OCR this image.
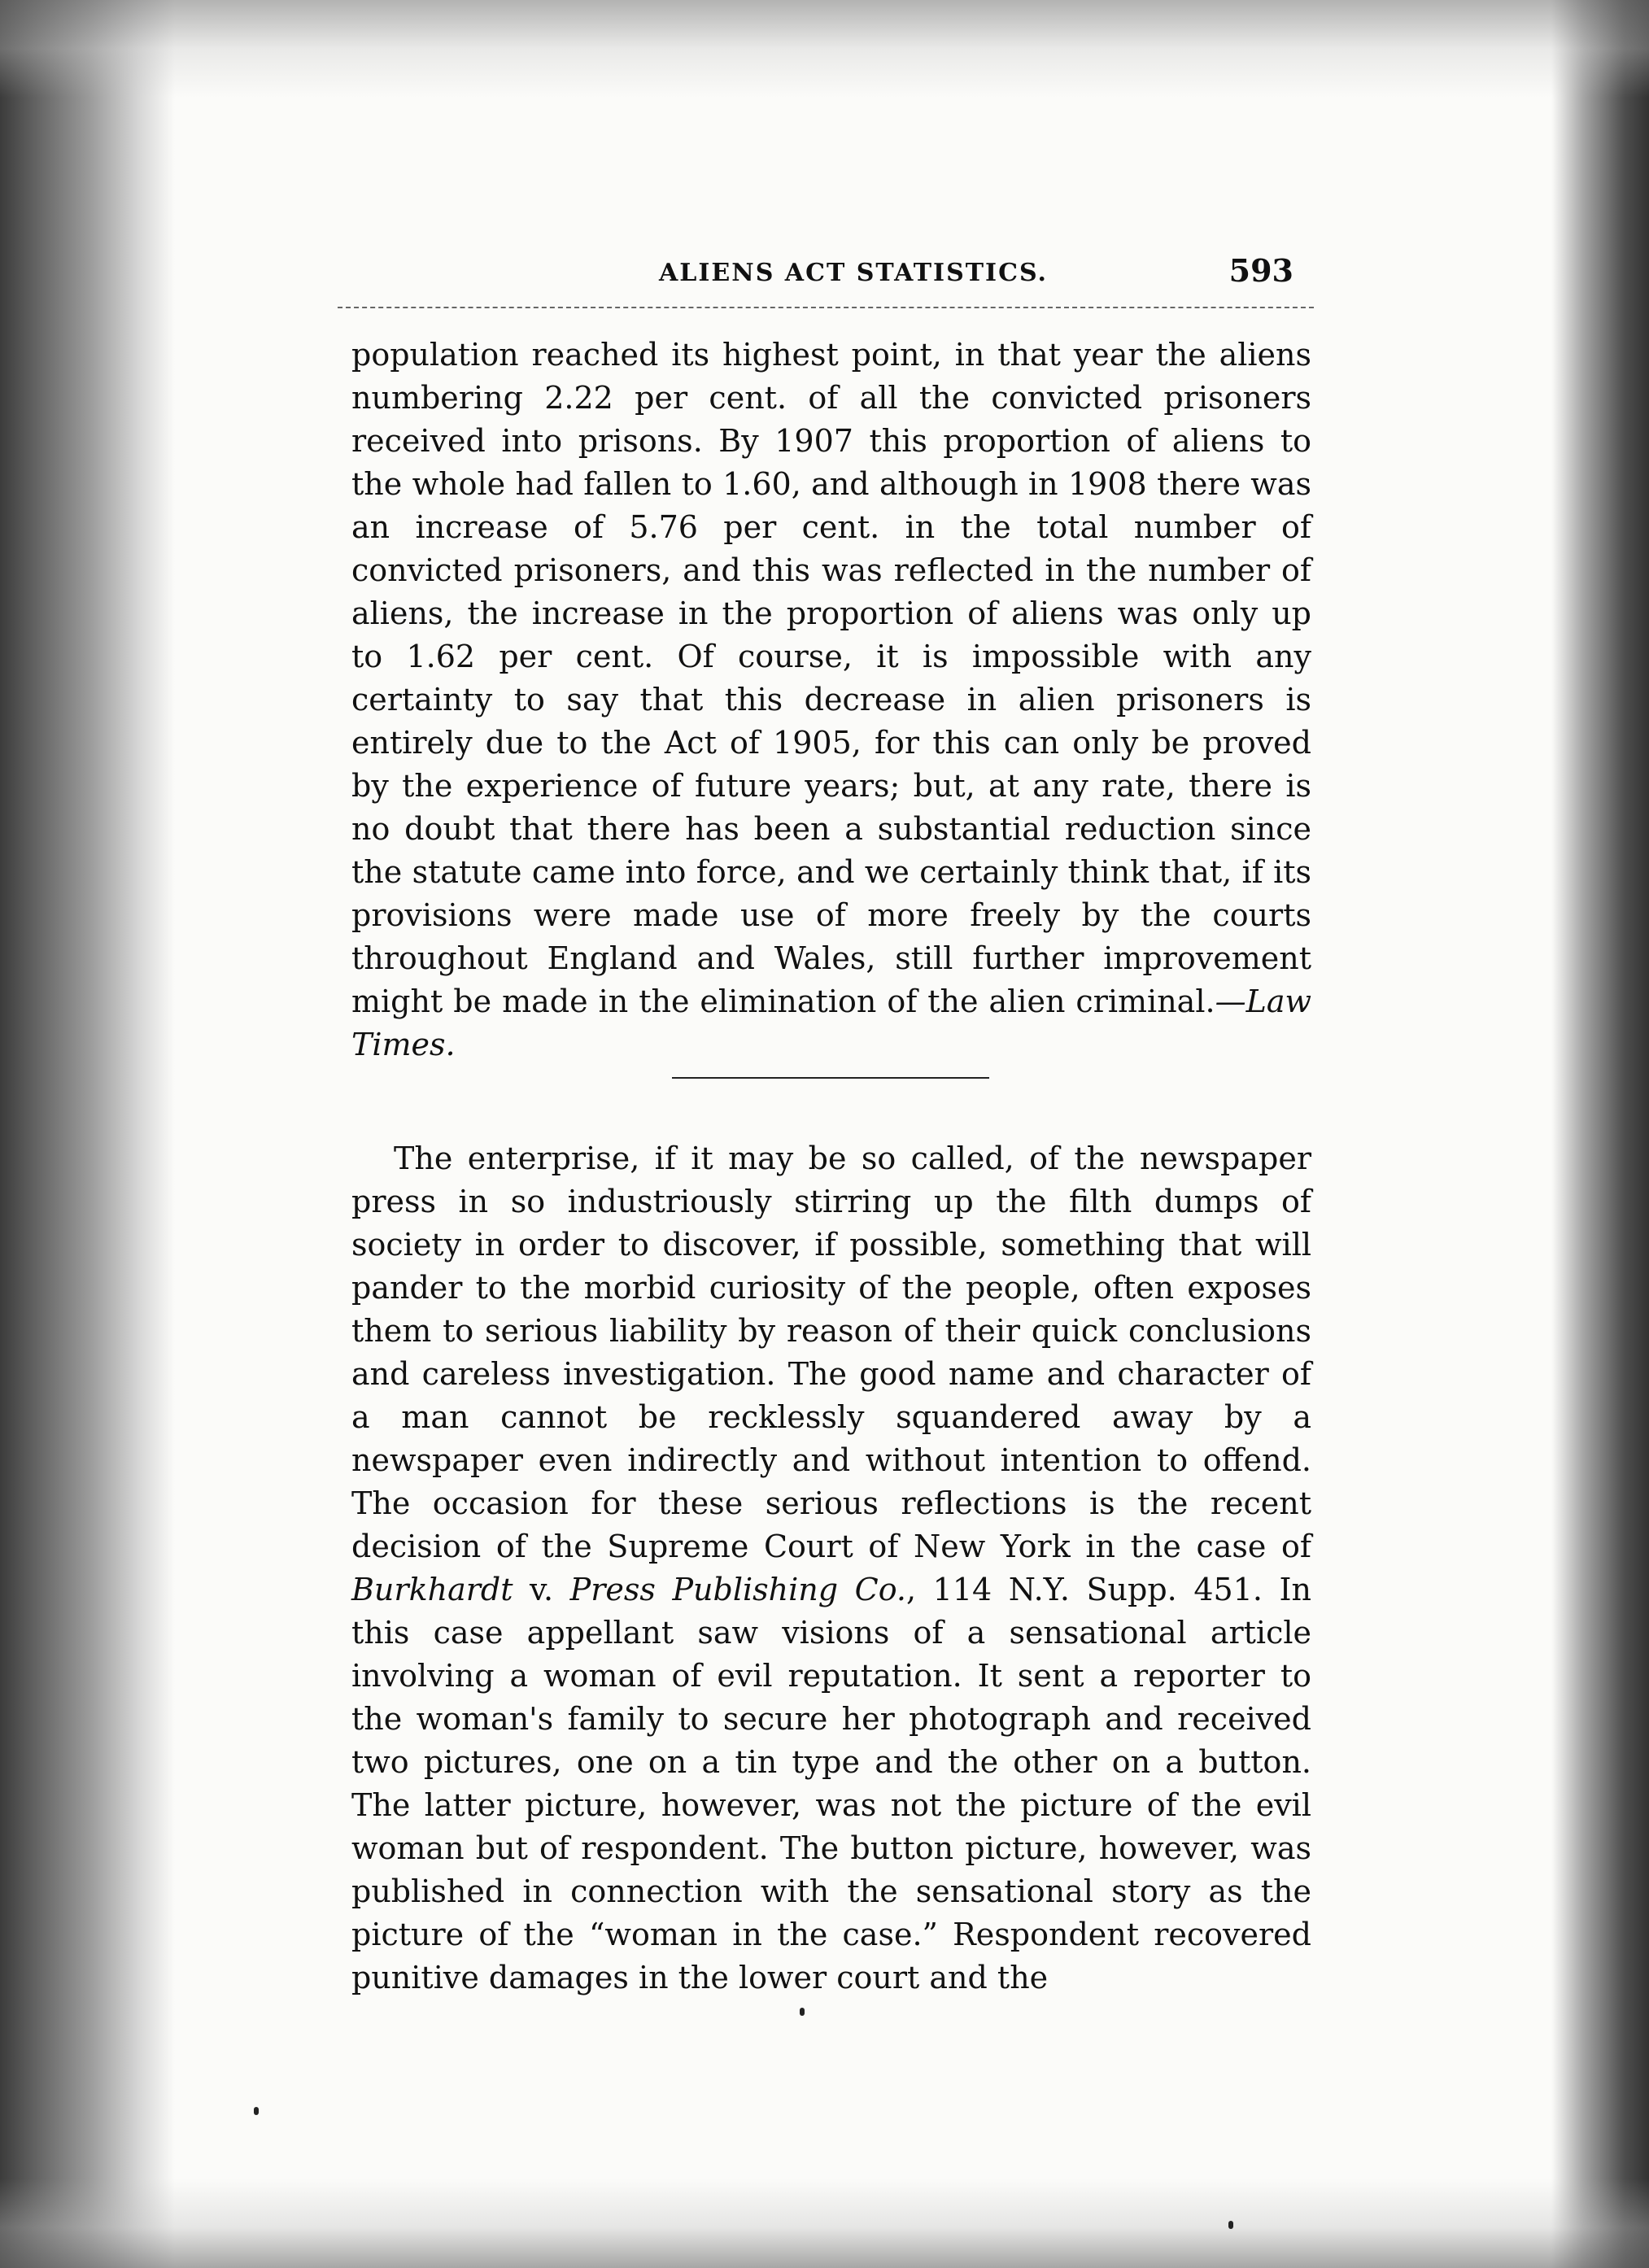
ALIENS ACT STATISTICS.	593

population reached its highest point, in that year the aliens numbering 2.22 per cent. of all the convicted prisoners received into prisons. By 1907 this proportion of aliens to the whole had fallen to 1.60, and although in 1908 there was an increase of 5.76 per cent. in the total number of convicted prisoners, and this was reflected in the number of aliens, the increase in the proportion of aliens was only up to 1.62 per cent. Of course, it is impossible with any certainty to say that this decrease in alien prisoners is entirely due to the Act of 1905, for this can only be proved by the experience of future years; but, at any rate, there is no doubt that there has been a substantial reduction since the statute came into force, and we certainly think that, if its provisions were made use of more freely by the courts throughout England and Wales, still further improvement might be made in the elimination of the alien criminal.—Law Times.

The enterprise, if it may be so called, of the newspaper press in so industriously stirring up the filth dumps of society in order to discover, if possible, something that will pander to the morbid curiosity of the people, often exposes them to serious liability by reason of their quick conclusions and careless investigation. The good name and character of a man cannot be recklessly squandered away by a newspaper even indirectly and without intention to offend. The occasion for these serious reflections is the recent decision of the Supreme Court of New York in the case of Burkhardt v. Press Publishing Co., 114 N.Y. Supp. 451. In this case appellant saw visions of a sensational article involving a woman of evil reputation. It sent a reporter to the woman's family to secure her photograph and received two pictures, one on a tin type and the other on a button. The latter picture, however, was not the picture of the evil woman but of respondent. The button picture, however, was published in connection with the sensational story as the picture of the “woman in the case.” Respondent recovered punitive damages in the lower court and the
